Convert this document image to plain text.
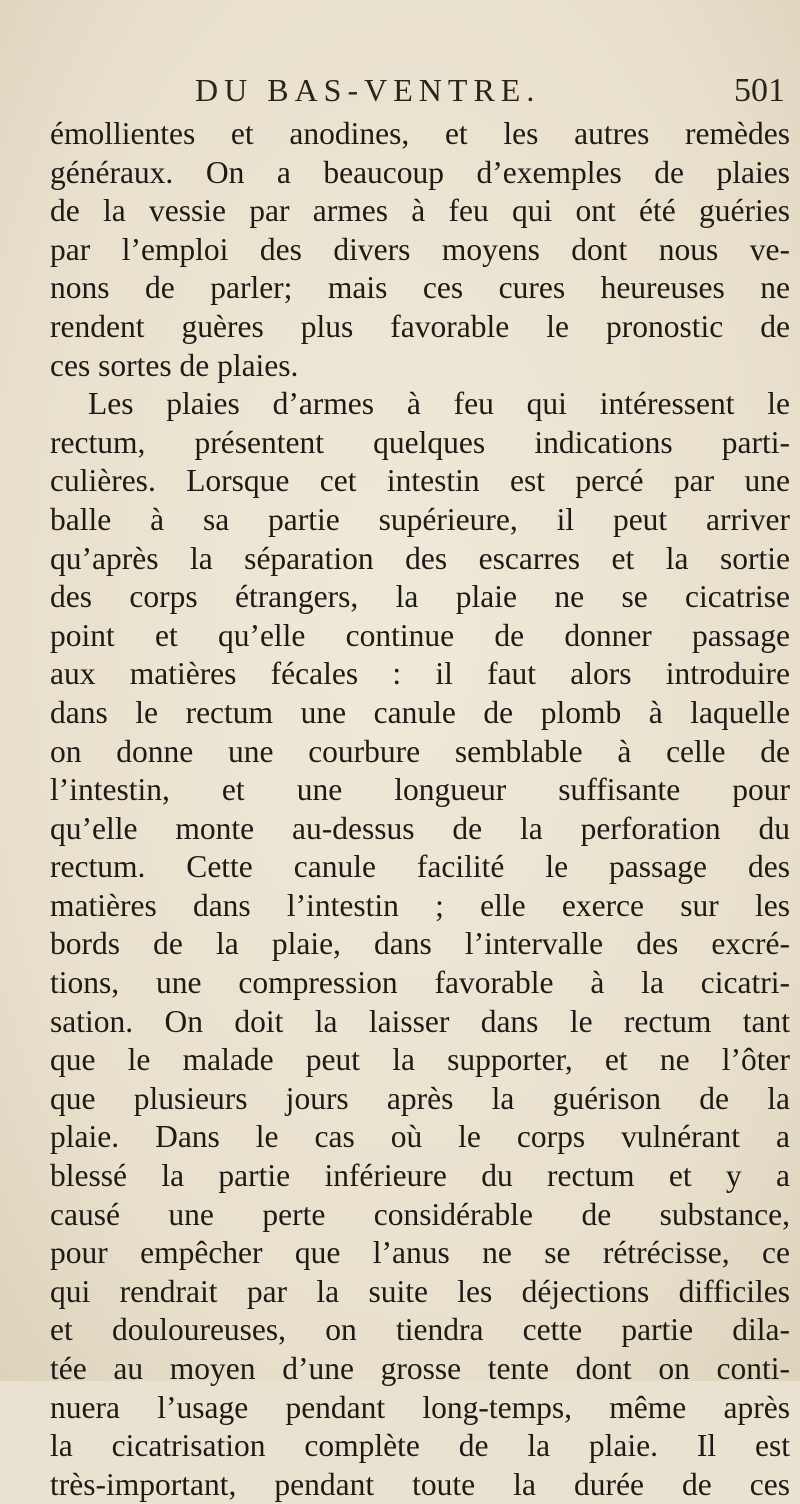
DU BAS-VENTRE.	501
émollientes et anodines, et les autres remèdes
généraux. On a beaucoup d’exemples de plaies
de la vessie par armes à feu qui ont été guéries
par l’emploi des divers moyens dont nous ve-
nons de parler; mais ces cures heureuses ne
rendent guères plus favorable le pronostic de
ces sortes de plaies.
Les plaies d’armes à feu qui intéressent le
rectum, présentent quelques indications parti-
culières. Lorsque cet intestin est percé par une
balle à sa partie supérieure, il peut arriver
qu’après la séparation des escarres et la sortie
des corps étrangers, la plaie ne se cicatrise
point et qu’elle continue de donner passage
aux matières fécales : il faut alors introduire
dans le rectum une canule de plomb à laquelle
on donne une courbure semblable à celle de
l’intestin, et une longueur suffisante pour
qu’elle monte au-dessus de la perforation du
rectum. Cette canule facilité le passage des
matières dans l’intestin ; elle exerce sur les
bords de la plaie, dans l’intervalle des excré-
tions, une compression favorable à la cicatri-
sation. On doit la laisser dans le rectum tant
que le malade peut la supporter, et ne l’ôter
que plusieurs jours après la guérison de la
plaie. Dans le cas où le corps vulnérant a
blessé la partie inférieure du rectum et y a
causé une perte considérable de substance,
pour empêcher que l’anus ne se rétrécisse, ce
qui rendrait par la suite les déjections difficiles
et douloureuses, on tiendra cette partie dila-
tée au moyen d’une grosse tente dont on conti-
nuera l’usage pendant long-temps, même après
la cicatrisation complète de la plaie. Il est
très-important, pendant toute la durée de ces
